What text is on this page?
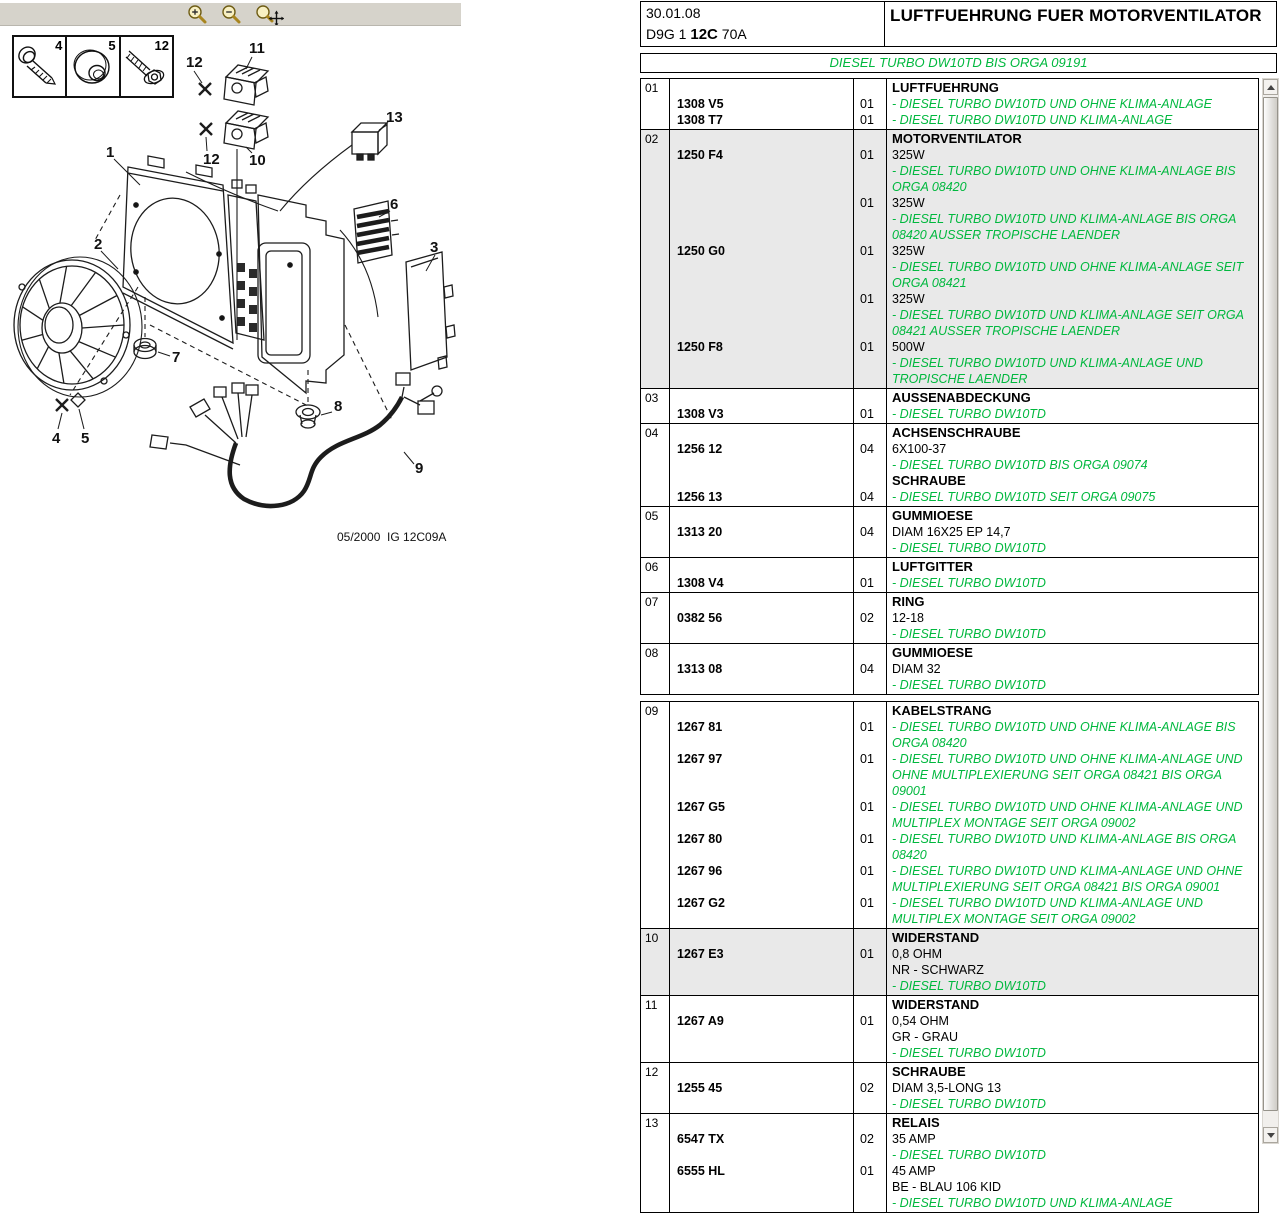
4	5	12
1
2	3
4 5
6
7
8
9
10
11
12
12
13
05/2000  IG 12C09A
30.01.08
D9G 1 12C 70A
LUFTFUEHRUNG FUER MOTORVENTILATOR
DIESEL TURBO DW10TD BIS ORGA 09191
01	LUFTFUEHRUNG
1308 V5	01	- DIESEL TURBO DW10TD UND OHNE KLIMA-ANLAGE
1308 T7	01	- DIESEL TURBO DW10TD UND KLIMA-ANLAGE
02	MOTORVENTILATOR
1250 F4	01	325W
- DIESEL TURBO DW10TD UND OHNE KLIMA-ANLAGE BIS ORGA 08420
01	325W
- DIESEL TURBO DW10TD UND KLIMA-ANLAGE BIS ORGA 08420 AUSSER TROPISCHE LAENDER
1250 G0	01	325W
- DIESEL TURBO DW10TD UND OHNE KLIMA-ANLAGE SEIT ORGA 08421
01	325W
- DIESEL TURBO DW10TD UND KLIMA-ANLAGE SEIT ORGA 08421 AUSSER TROPISCHE LAENDER
1250 F8	01	500W
- DIESEL TURBO DW10TD UND KLIMA-ANLAGE UND TROPISCHE LAENDER
03	AUSSENABDECKUNG
1308 V3	01	- DIESEL TURBO DW10TD
04	ACHSENSCHRAUBE
1256 12	04	6X100-37
- DIESEL TURBO DW10TD BIS ORGA 09074
SCHRAUBE
1256 13	04	- DIESEL TURBO DW10TD SEIT ORGA 09075
05	GUMMIOESE
1313 20	04	DIAM 16X25 EP 14,7
- DIESEL TURBO DW10TD
06	LUFTGITTER
1308 V4	01	- DIESEL TURBO DW10TD
07	RING
0382 56	02	12-18
- DIESEL TURBO DW10TD
08	GUMMIOESE
1313 08	04	DIAM 32
- DIESEL TURBO DW10TD
09	KABELSTRANG
1267 81	01	- DIESEL TURBO DW10TD UND OHNE KLIMA-ANLAGE BIS ORGA 08420
1267 97	01	- DIESEL TURBO DW10TD UND OHNE KLIMA-ANLAGE UND OHNE MULTIPLEXIERUNG SEIT ORGA 08421 BIS ORGA 09001
1267 G5	01	- DIESEL TURBO DW10TD UND OHNE KLIMA-ANLAGE UND MULTIPLEX MONTAGE SEIT ORGA 09002
1267 80	01	- DIESEL TURBO DW10TD UND KLIMA-ANLAGE BIS ORGA 08420
1267 96	01	- DIESEL TURBO DW10TD UND KLIMA-ANLAGE UND OHNE MULTIPLEXIERUNG SEIT ORGA 08421 BIS ORGA 09001
1267 G2	01	- DIESEL TURBO DW10TD UND KLIMA-ANLAGE UND MULTIPLEX MONTAGE SEIT ORGA 09002
10	WIDERSTAND
1267 E3	01	0,8 OHM
NR - SCHWARZ
- DIESEL TURBO DW10TD
11	WIDERSTAND
1267 A9	01	0,54 OHM
GR - GRAU
- DIESEL TURBO DW10TD
12	SCHRAUBE
1255 45	02	DIAM 3,5-LONG 13
- DIESEL TURBO DW10TD
13	RELAIS
6547 TX	02	35 AMP
- DIESEL TURBO DW10TD
6555 HL	01	45 AMP
BE - BLAU 106 KID
- DIESEL TURBO DW10TD UND KLIMA-ANLAGE
